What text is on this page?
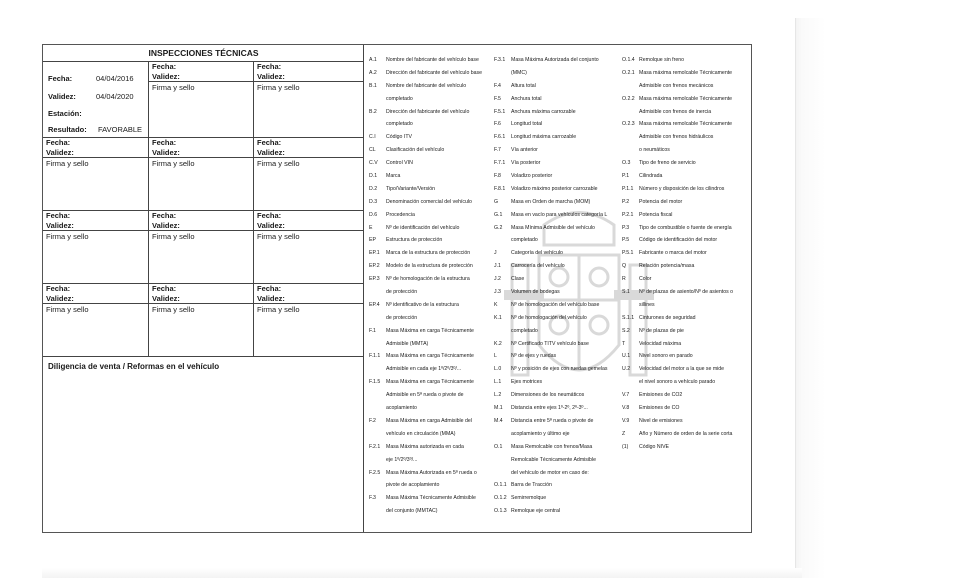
INSPECCIONES TÉCNICAS
Fecha:	04/04/2016
Validez:	04/04/2020
Estación:
Resultado:	FAVORABLE
Fecha:
Validez:
Firma y sello
Fecha:
Validez:
Firma y sello
Fecha:
Validez:
Firma y sello
Fecha:
Validez:
Firma y sello
Fecha:
Validez:
Firma y sello
Fecha:
Validez:
Firma y sello
Fecha:
Validez:
Firma y sello
Fecha:
Validez:
Firma y sello
Fecha:
Validez:
Firma y sello
Fecha:
Validez:
Firma y sello
Fecha:
Validez:
Firma y sello
Diligencia de venta / Reformas en el vehículo
A.1	Nombre del fabricante del vehículo base
A.2	Dirección del fabricante del vehículo base
B.1	Nombre del fabricante del vehículo
completado
B.2	Dirección del fabricante del vehículo
completado
C.I	Código ITV
CL	Clasificación del vehículo
C.V	Control VIN
D.1	Marca
D.2	Tipo/Variante/Versión
D.3	Denominación comercial del vehículo
D.6	Procedencia
E	Nº de identificación del vehículo
EP	Estructura de protección
EP.1	Marca de la estructura de protección
EP.2	Modelo de la estructura de protección
EP.3	Nº de homologación de la estructura
de protección
EP.4	Nº identificativo de la estructura
de protección
F.1	Masa Máxima en carga Técnicamente
Admisible (MMTA)
F.1.1	Masa Máxima en carga Técnicamente
Admisible en cada eje 1º/2º/3º/...
F.1.5	Masa Máxima en carga Técnicamente
Admisible en 5ª rueda o pivote de
acoplamiento
F.2	Masa Máxima en carga Admisible del
vehículo en circulación (MMA)
F.2.1	Masa Máxima autorizada en cada
eje 1º/2º/3º/...
F.2.5	Masa Máxima Autorizada en 5ª rueda o
pivote de acoplamiento
F.3	Masa Máxima Técnicamente Admisible
del conjunto (MMTAC)
F.3.1	Masa Máxima Autorizada del conjunto
(MMC)
F.4	Altura total
F.5	Anchura total
F.5.1	Anchura máxima carrozable
F.6	Longitud total
F.6.1	Longitud máxima carrozable
F.7	Vía anterior
F.7.1	Vía posterior
F.8	Voladizo posterior
F.8.1	Voladizo máximo posterior carrozable
G	Masa en Orden de marcha (MOM)
G.1	Masa en vacío para vehículos categoría L
G.2	Masa Mínima Admisible del vehículo
completado
J	Categoría del vehículo
J.1	Carrocería del vehículo
J.2	Clase
J.3	Volumen de bodegas
K	Nº de homologación del vehículo base
K.1	Nº de homologación del vehículo
completado
K.2	Nº Certificado TITV vehículo base
L	Nº de ejes y ruedas
L.0	Nº y posición de ejes con ruedas gemelas
L.1	Ejes motrices
L.2	Dimensiones de los neumáticos
M.1	Distancia entre ejes 1º-2º, 2º-3º...
M.4	Distancia entre 5ª rueda o pivote de
acoplamiento y último eje
O.1	Masa Remolcable con frenos/Masa
Remolcable Técnicamente Admisible
del vehículo de motor en caso de:
O.1.1 Barra de Tracción
O.1.2 Semirremolque
O.1.3 Remolque eje central
O.1.4 Remolque sin freno
O.2.1 Masa máxima remolcable Técnicamente
Admisible con frenos mecánicos
O.2.2 Masa máxima remolcable Técnicamente
Admisible con frenos de inercia
O.2.3 Masa máxima remolcable Técnicamente
Admisible con frenos hidráulicos
o neumáticos
O.3	Tipo de freno de servicio
P.1	Cilindrada
P.1.1	Número y disposición de los cilindros
P.2	Potencia del motor
P.2.1	Potencia fiscal
P.3	Tipo de combustible o fuente de energía
P.5	Código de identificación del motor
P.5.1	Fabricante o marca del motor
Q	Relación potencia/masa
R	Color
S.1	Nº de plazas de asiento/Nº de asientos o
sillines
S.1.1 Cinturones de seguridad
S.2	Nº de plazas de pie
T	Velocidad máxima
U.1	Nivel sonoro en parado
U.2	Velocidad del motor a la que se mide
el nivel sonoro a vehículo parado
V.7	Emisiones de CO2
V.8	Emisiones de CO
V.9	Nivel de emisiones
Z	Año y Número de orden de la serie corta
(1)	Código NIVE
